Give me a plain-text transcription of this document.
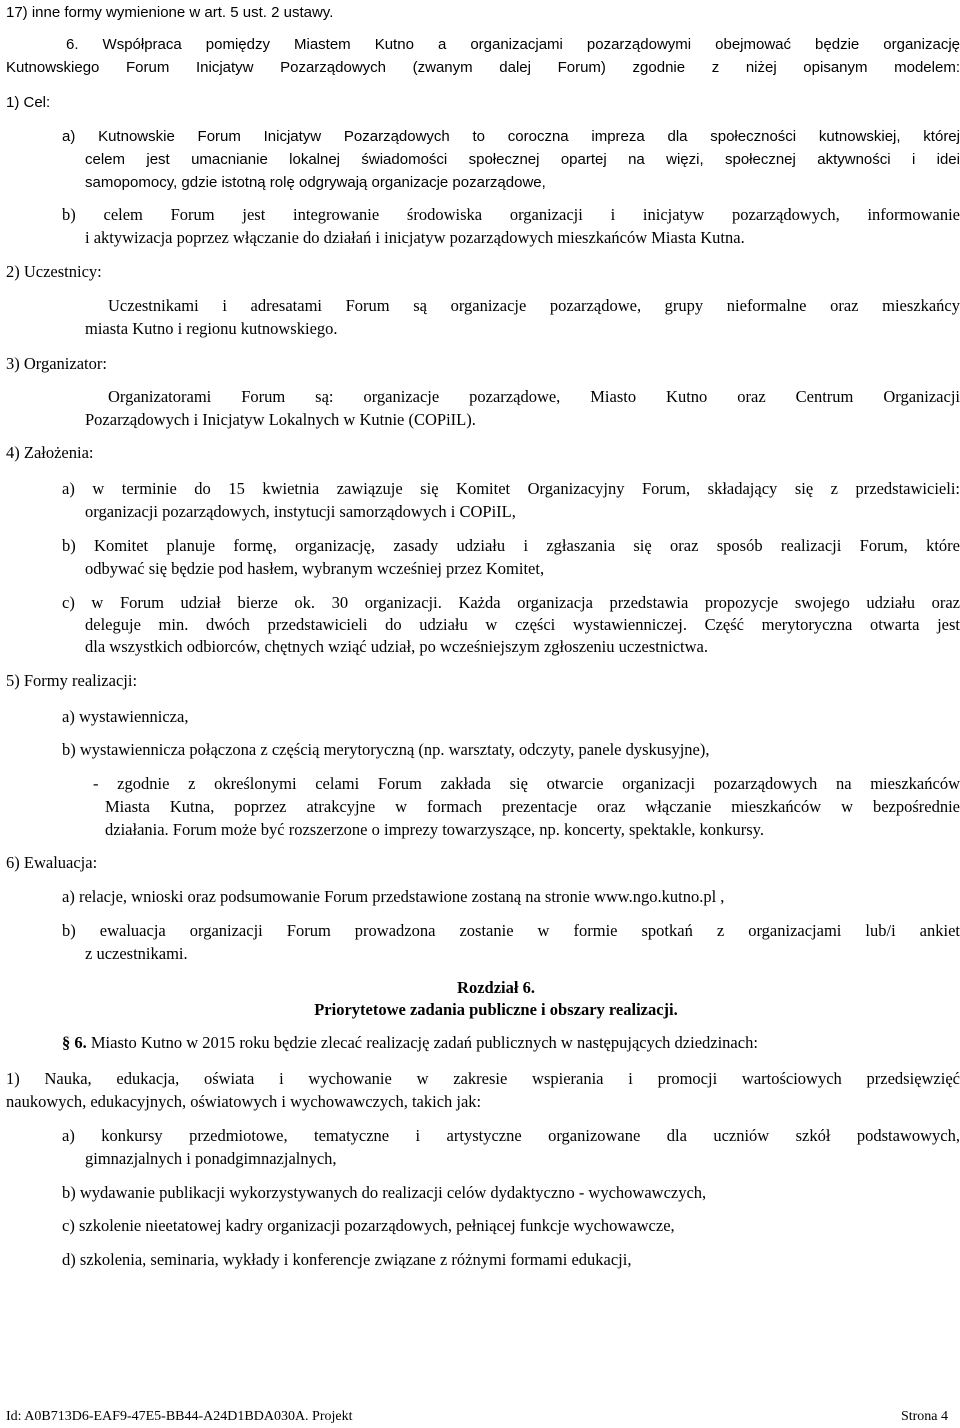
17) inne formy wymienione w art. 5 ust. 2 ustawy.

6. Współpraca pomiędzy Miastem Kutno a organizacjami pozarządowymi obejmować będzie organizację

Kutnowskiego Forum Inicjatyw Pozarządowych (zwanym dalej Forum) zgodnie z niżej opisanym modelem:

1) Cel:

a) Kutnowskie Forum Inicjatyw Pozarządowych to coroczna impreza dla społeczności kutnowskiej, której

celem jest umacnianie lokalnej świadomości społecznej opartej na więzi, społecznej aktywności i idei

samopomocy, gdzie istotną rolę odgrywają organizacje pozarządowe,

b) celem Forum jest integrowanie środowiska organizacji i inicjatyw pozarządowych, informowanie

i aktywizacja poprzez włączanie do działań i inicjatyw pozarządowych mieszkańców Miasta Kutna.

2) Uczestnicy:

Uczestnikami i adresatami Forum są organizacje pozarządowe, grupy nieformalne oraz mieszkańcy

miasta Kutno i regionu kutnowskiego.

3) Organizator:

Organizatorami Forum są: organizacje pozarządowe, Miasto Kutno oraz Centrum Organizacji

Pozarządowych i Inicjatyw Lokalnych w Kutnie (COPiIL).

4) Założenia:

a) w terminie do 15 kwietnia zawiązuje się Komitet Organizacyjny Forum, składający się z przedstawicieli:

organizacji pozarządowych, instytucji samorządowych i COPiIL,

b) Komitet planuje formę, organizację, zasady udziału i zgłaszania się oraz sposób realizacji Forum, które

odbywać się będzie pod hasłem, wybranym wcześniej przez Komitet,

c) w Forum udział bierze ok. 30 organizacji. Każda organizacja przedstawia propozycje swojego udziału oraz

deleguje min. dwóch przedstawicieli do udziału w części wystawienniczej. Część merytoryczna otwarta jest

dla wszystkich odbiorców, chętnych wziąć udział, po wcześniejszym zgłoszeniu uczestnictwa.

5) Formy realizacji:

a) wystawiennicza,

b) wystawiennicza połączona z częścią merytoryczną (np. warsztaty, odczyty, panele dyskusyjne),

- zgodnie z określonymi celami Forum zakłada się otwarcie organizacji pozarządowych na mieszkańców

Miasta Kutna, poprzez atrakcyjne w formach prezentacje oraz włączanie mieszkańców w bezpośrednie

działania. Forum może być rozszerzone o imprezy towarzyszące, np. koncerty, spektakle, konkursy.

6) Ewaluacja:

a) relacje, wnioski oraz podsumowanie Forum przedstawione zostaną na stronie www.ngo.kutno.pl ,

b) ewaluacja organizacji Forum prowadzona zostanie w formie spotkań z organizacjami lub/i ankiet

z uczestnikami.

Rozdział 6.

Priorytetowe zadania publiczne i obszary realizacji.

§ 6. Miasto Kutno w 2015 roku będzie zlecać realizację zadań publicznych w następujących dziedzinach:

1) Nauka, edukacja, oświata i wychowanie w zakresie wspierania i promocji wartościowych przedsięwzięć

naukowych, edukacyjnych, oświatowych i wychowawczych, takich jak:

a) konkursy przedmiotowe, tematyczne i artystyczne organizowane dla uczniów szkół podstawowych,

gimnazjalnych i ponadgimnazjalnych,

b) wydawanie publikacji wykorzystywanych do realizacji celów dydaktyczno - wychowawczych,

c) szkolenie nieetatowej kadry organizacji pozarządowych, pełniącej funkcje wychowawcze,

d) szkolenia, seminaria, wykłady i konferencje związane z różnymi formami edukacji,

Id: A0B713D6-EAF9-47E5-BB44-A24D1BDA030A. Projekt	Strona 4
